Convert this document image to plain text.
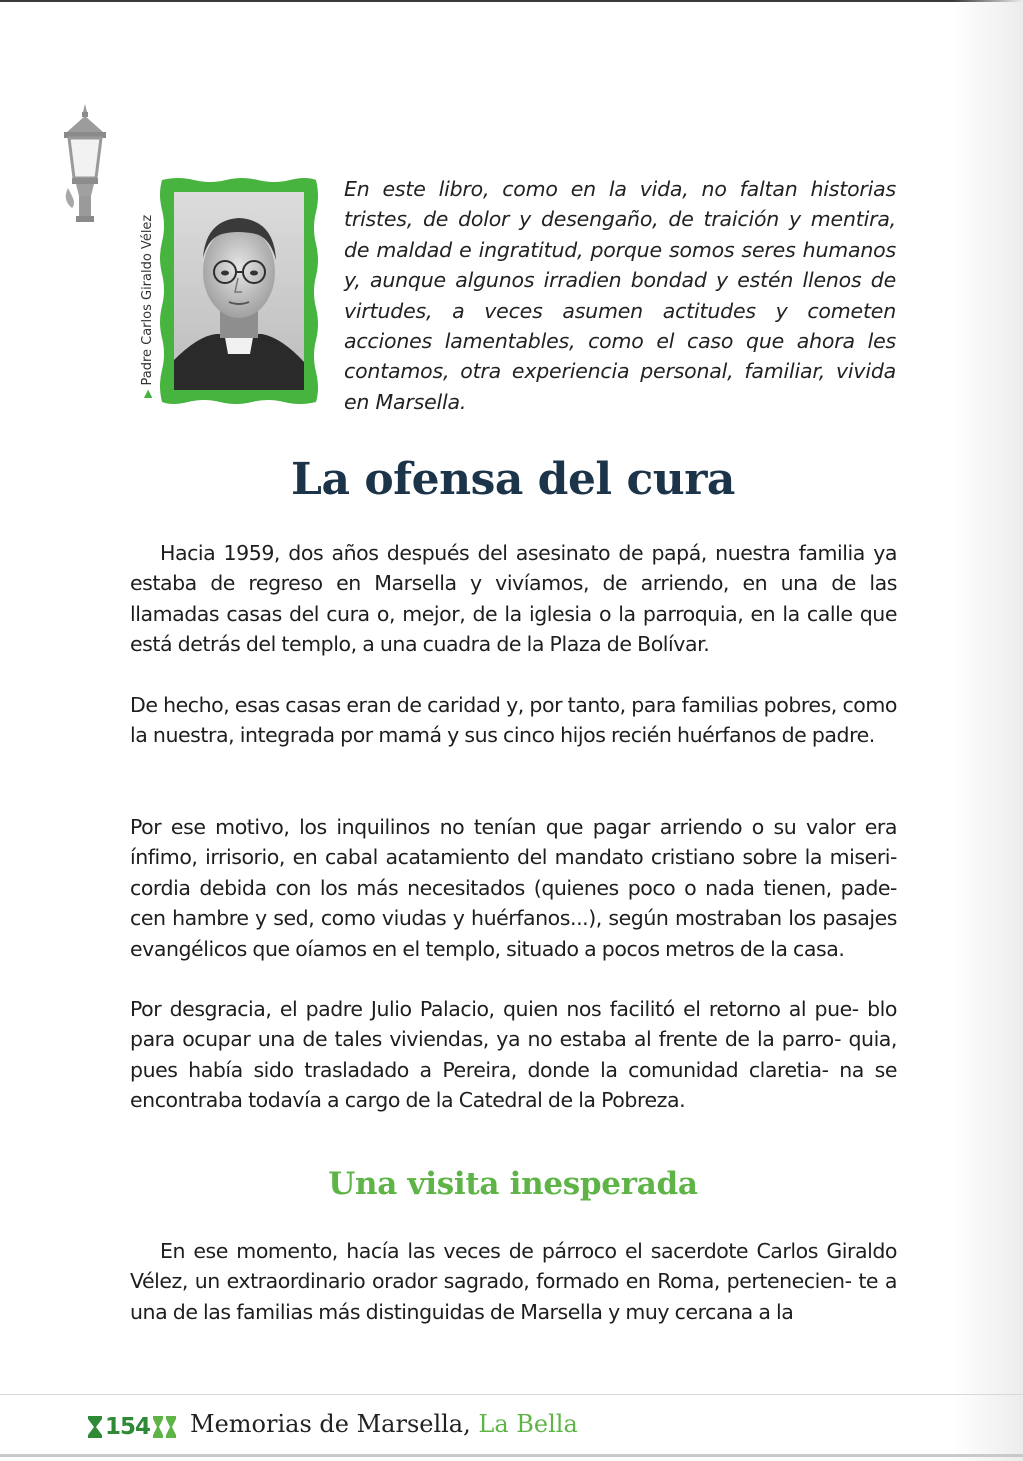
▶Padre Carlos Giraldo Vélez

En este libro, como en la vida, no faltan historias tristes, de dolor y desengaño, de traición y mentira, de maldad e ingratitud, porque somos seres humanos y, aunque algunos irradien bondad y estén llenos de virtudes, a veces asumen actitudes y cometen acciones lamentables, como el caso que ahora les contamos, otra experiencia personal, familiar, vivida en Marsella.

La ofensa del cura

Hacia 1959, dos años después del asesinato de papá, nuestra familia ya estaba de regreso en Marsella y vivíamos, de arriendo, en una de las llamadas casas del cura o, mejor, de la iglesia o la parroquia, en la calle que está detrás del templo, a una cuadra de la Plaza de Bolívar.

De hecho, esas casas eran de caridad y, por tanto, para familias pobres, como la nuestra, integrada por mamá y sus cinco hijos recién huérfanos de padre.

Por ese motivo, los inquilinos no tenían que pagar arriendo o su valor era ínfimo, irrisorio, en cabal acatamiento del mandato cristiano sobre la miseri- cordia debida con los más necesitados (quienes poco o nada tienen, pade- cen hambre y sed, como viudas y huérfanos...), según mostraban los pasajes evangélicos que oíamos en el templo, situado a pocos metros de la casa.

Por desgracia, el padre Julio Palacio, quien nos facilitó el retorno al pue- blo para ocupar una de tales viviendas, ya no estaba al frente de la parro- quia, pues había sido trasladado a Pereira, donde la comunidad claretia- na se encontraba todavía a cargo de la Catedral de la Pobreza.

Una visita inesperada

En ese momento, hacía las veces de párroco el sacerdote Carlos Giraldo Vélez, un extraordinario orador sagrado, formado en Roma, pertenecien- te a una de las familias más distinguidas de Marsella y muy cercana a la

154 Memorias de Marsella, La Bella
